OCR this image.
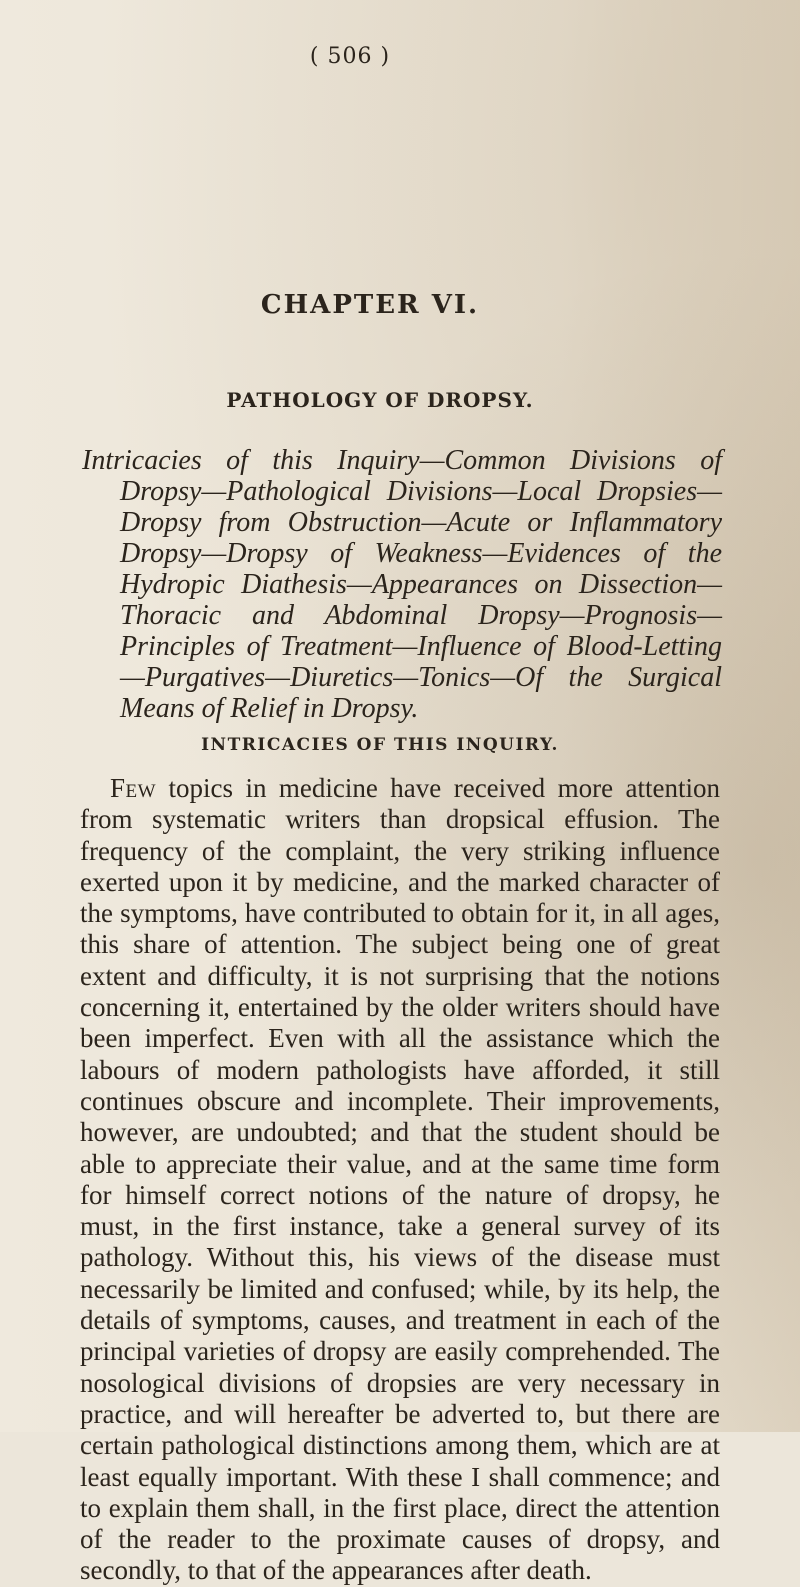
( 506 )
CHAPTER VI.
PATHOLOGY OF DROPSY.
Intricacies of this Inquiry—Common Divisions of Dropsy—Pathological Divisions—Local Dropsies—Dropsy from Obstruction—Acute or Inflammatory Dropsy—Dropsy of Weakness—Evidences of the Hydropic Diathesis—Appearances on Dissection—Thoracic and Abdominal Dropsy—Prognosis—Principles of Treatment—Influence of Blood-Letting—Purgatives—Diuretics—Tonics—Of the Surgical Means of Relief in Dropsy.
INTRICACIES OF THIS INQUIRY.

Few topics in medicine have received more attention from systematic writers than dropsical effusion. The frequency of the complaint, the very striking influence exerted upon it by medicine, and the marked character of the symptoms, have contributed to obtain for it, in all ages, this share of attention. The subject being one of great extent and difficulty, it is not surprising that the notions concerning it, entertained by the older writers should have been imperfect. Even with all the assistance which the labours of modern pathologists have afforded, it still continues obscure and incomplete. Their improvements, however, are undoubted; and that the student should be able to appreciate their value, and at the same time form for himself correct notions of the nature of dropsy, he must, in the first instance, take a general survey of its pathology. Without this, his views of the disease must necessarily be limited and confused; while, by its help, the details of symptoms, causes, and treatment in each of the principal varieties of dropsy are easily comprehended. The nosological divisions of dropsies are very necessary in practice, and will hereafter be adverted to, but there are certain pathological distinctions among them, which are at least equally important. With these I shall commence; and to explain them shall, in the first place, direct the attention of the reader to the proximate causes of dropsy, and secondly, to that of the appearances after death.
